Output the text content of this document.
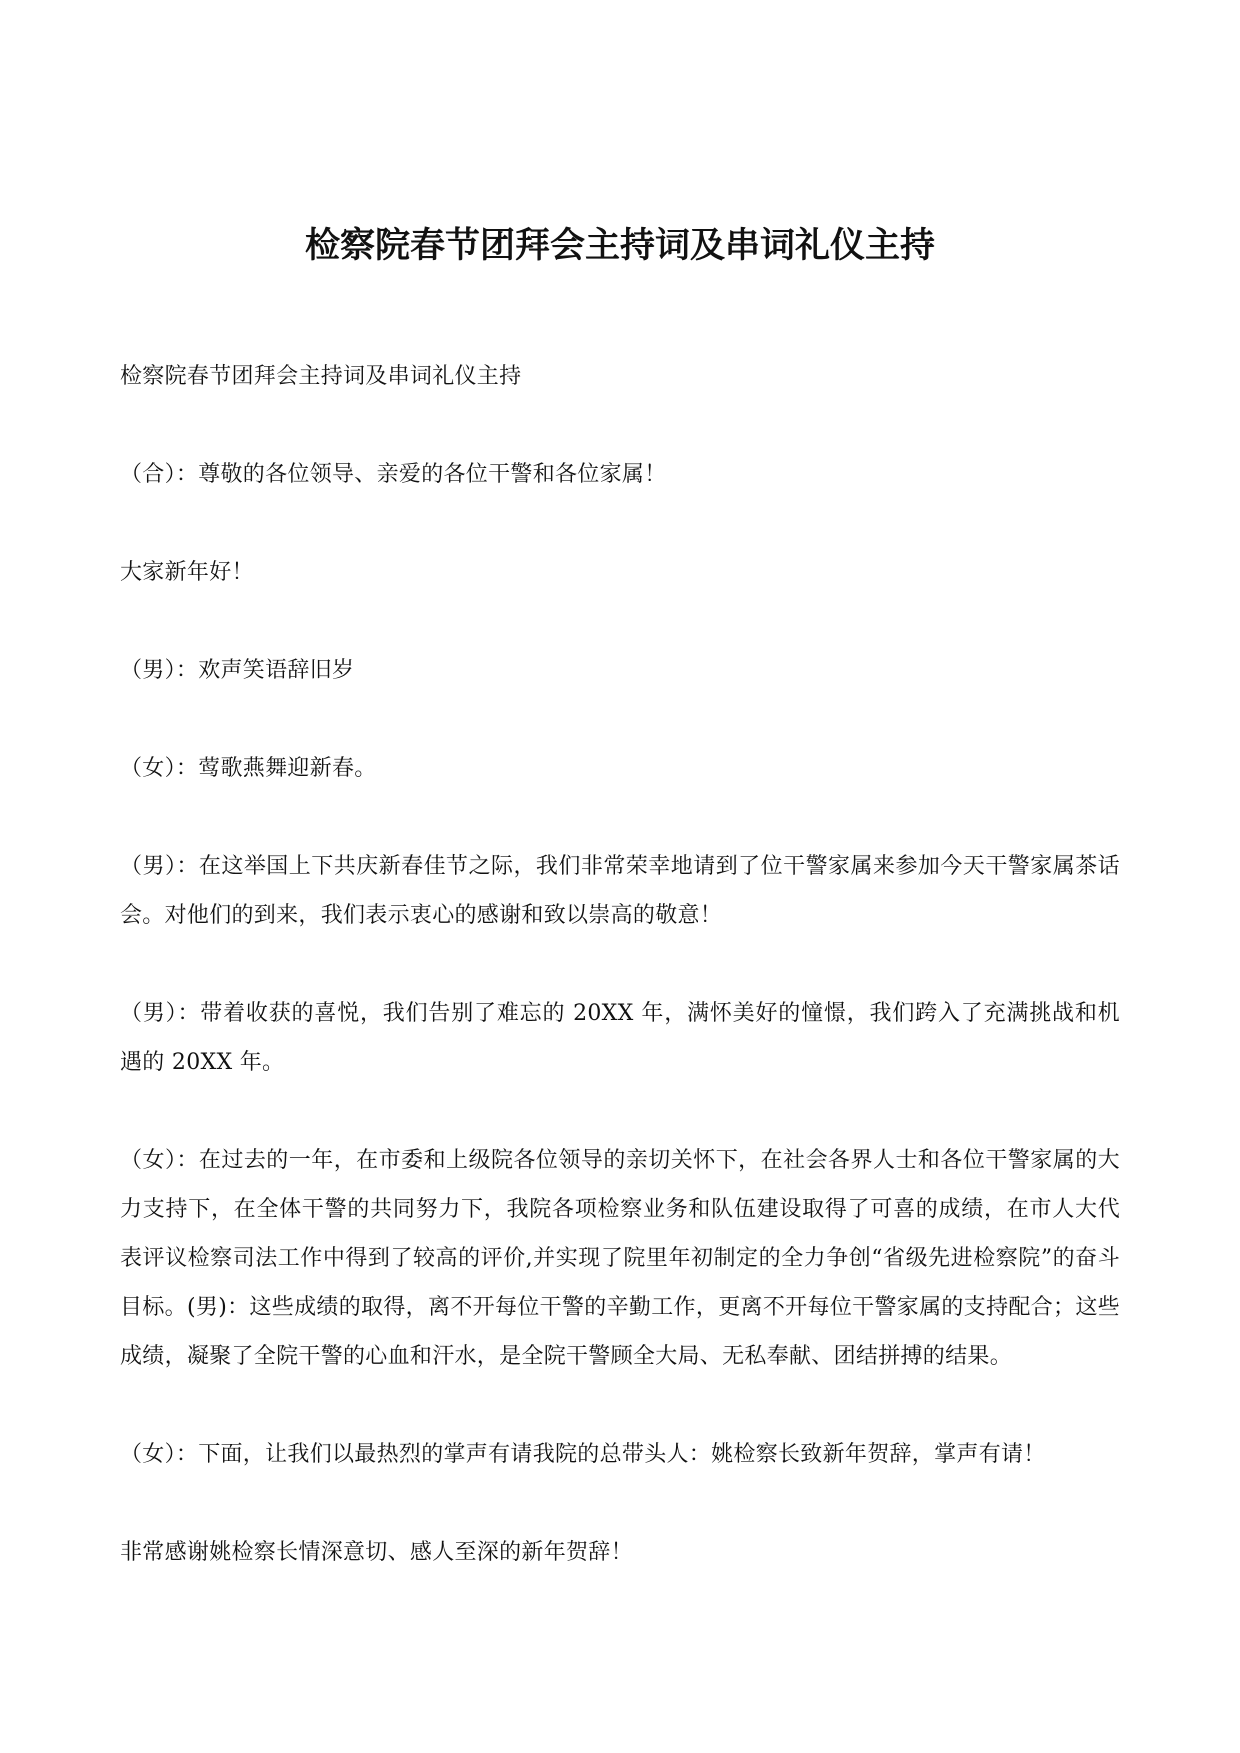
检察院春节团拜会主持词及串词礼仪主持

检察院春节团拜会主持词及串词礼仪主持

（合）：尊敬的各位领导、亲爱的各位干警和各位家属！

大家新年好！

（男）：欢声笑语辞旧岁

（女）：莺歌燕舞迎新春。

（男）：在这举国上下共庆新春佳节之际，我们非常荣幸地请到了位干警家属来参加今天干警家属茶话会。对他们的到来，我们表示衷心的感谢和致以崇高的敬意！

（男）：带着收获的喜悦，我们告别了难忘的 20XX 年，满怀美好的憧憬，我们跨入了充满挑战和机遇的 20XX 年。

（女）：在过去的一年，在市委和上级院各位领导的亲切关怀下，在社会各界人士和各位干警家属的大力支持下，在全体干警的共同努力下，我院各项检察业务和队伍建设取得了可喜的成绩，在市人大代表评议检察司法工作中得到了较高的评价,并实现了院里年初制定的全力争创“省级先进检察院”的奋斗目标。(男)：这些成绩的取得，离不开每位干警的辛勤工作，更离不开每位干警家属的支持配合；这些成绩，凝聚了全院干警的心血和汗水，是全院干警顾全大局、无私奉献、团结拼搏的结果。

（女）：下面，让我们以最热烈的掌声有请我院的总带头人：姚检察长致新年贺辞，掌声有请！

非常感谢姚检察长情深意切、感人至深的新年贺辞！
